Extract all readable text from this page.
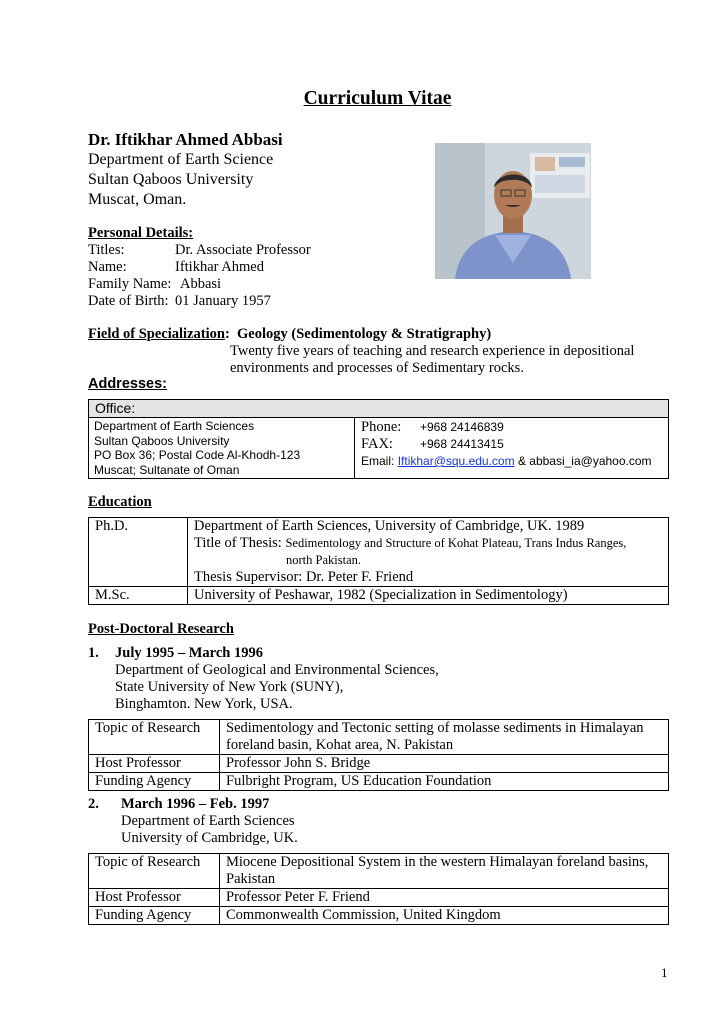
Curriculum Vitae
Dr. Iftikhar Ahmed Abbasi
Department of Earth Science
Sultan Qaboos University
Muscat, Oman.
Personal Details:
Titles:	Dr. Associate Professor
Name:	Iftikhar Ahmed
Family Name: Abbasi
Date of Birth: 01 January 1957
Field of Specialization:  Geology (Sedimentology & Stratigraphy)
Twenty five years of teaching and research experience in depositional
environments and processes of Sedimentary rocks.
Addresses:
Office:

Department of Earth Sciences
Sultan Qaboos University
PO Box 36; Postal Code Al-Khodh-123
Muscat; Sultanate of Oman

Phone: +968 24146839
FAX: +968 24413415
Email: Iftikhar@squ.edu.com & abbasi_ia@yahoo.com
Education
Ph.D.	Department of Earth Sciences, University of Cambridge, UK. 1989
Title of Thesis: Sedimentology and Structure of Kohat Plateau, Trans Indus Ranges,
north Pakistan.
Thesis Supervisor: Dr. Peter F. Friend

M.Sc.	University of Peshawar, 1982 (Specialization in Sedimentology)
Post-Doctoral Research
1. July 1995 – March 1996
Department of Geological and Environmental Sciences,
State University of New York (SUNY),
Binghamton. New York, USA.
Topic of Research	Sedimentology and Tectonic setting of molasse sediments in Himalayan
foreland basin, Kohat area, N. Pakistan

Host Professor	Professor John S. Bridge
Funding Agency	Fulbright Program, US Education Foundation
2. March 1996 – Feb. 1997
Department of Earth Sciences
University of Cambridge, UK.
Topic of Research	Miocene Depositional System in the western Himalayan foreland basins,
Pakistan

Host Professor	Professor Peter F. Friend
Funding Agency	Commonwealth Commission, United Kingdom
1
